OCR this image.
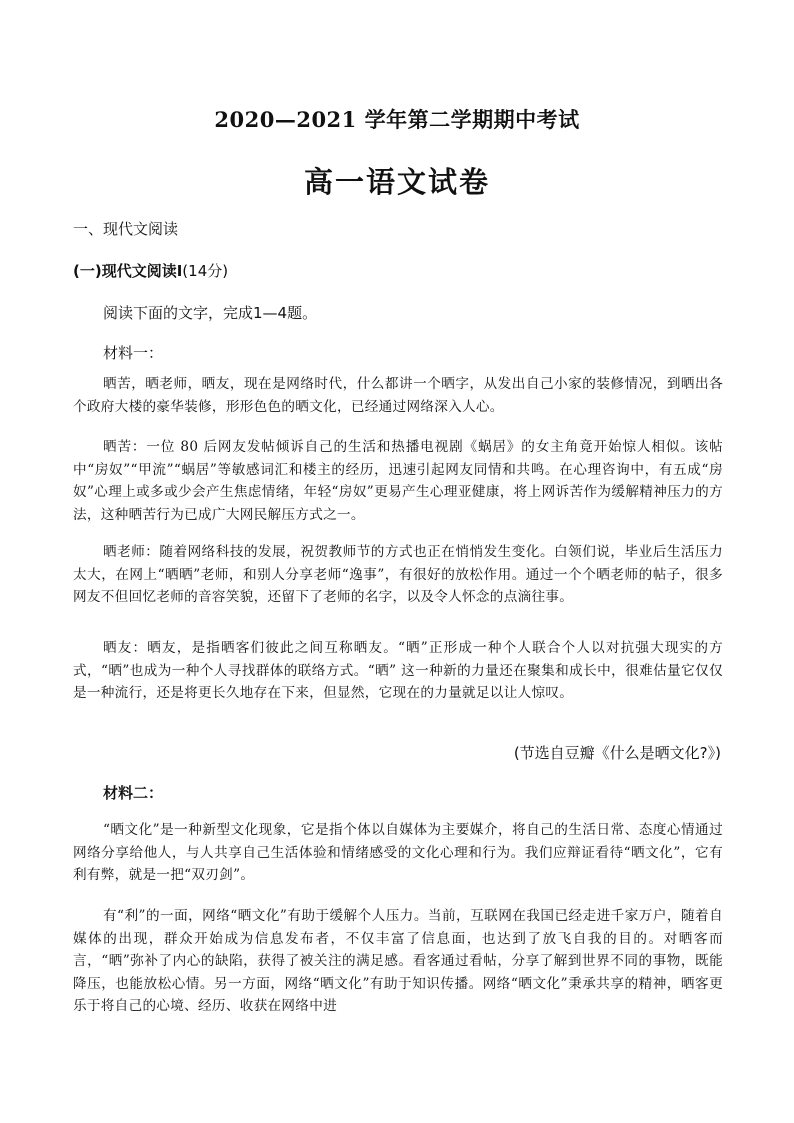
2020—2021 学年第二学期期中考试
高一语文试卷
一、现代文阅读
(一)现代文阅读Ⅰ(14分)
阅读下面的文字，完成1—4题。
材料一：
晒苦，晒老师，晒友，现在是网络时代，什么都讲一个晒字，从发出自己小家的装修情况，到晒出各个政府大楼的豪华装修，形形色色的晒文化，已经通过网络深入人心。
晒苦：一位 80 后网友发帖倾诉自己的生活和热播电视剧《蜗居》的女主角竟开始惊人相似。该帖中“房奴”“甲流”“蜗居”等敏感词汇和楼主的经历，迅速引起网友同情和共鸣。在心理咨询中，有五成“房奴”心理上或多或少会产生焦虑情绪，年轻“房奴”更易产生心理亚健康，将上网诉苦作为缓解精神压力的方法，这种晒苦行为已成广大网民解压方式之一。
晒老师：随着网络科技的发展，祝贺教师节的方式也正在悄悄发生变化。白领们说，毕业后生活压力太大，在网上“晒晒”老师，和别人分享老师“逸事”，有很好的放松作用。通过一个个晒老师的帖子，很多网友不但回忆老师的音容笑貌，还留下了老师的名字，以及令人怀念的点滴往事。
晒友：晒友，是指晒客们彼此之间互称晒友。“晒”正形成一种个人联合个人以对抗强大现实的方式，“晒”也成为一种个人寻找群体的联络方式。“晒” 这一种新的力量还在聚集和成长中，很难估量它仅仅是一种流行，还是将更长久地存在下来，但显然，它现在的力量就足以让人惊叹。
(节选自豆瓣《什么是晒文化?》)
材料二：
“晒文化”是一种新型文化现象，它是指个体以自媒体为主要媒介，将自己的生活日常、态度心情通过网络分享给他人，与人共享自己生活体验和情绪感受的文化心理和行为。我们应辩证看待“晒文化”，它有利有弊，就是一把“双刃剑”。
有“利”的一面，网络“晒文化”有助于缓解个人压力。当前，互联网在我国已经走进千家万户，随着自媒体的出现，群众开始成为信息发布者，不仅丰富了信息面，也达到了放飞自我的目的。对晒客而言，“晒”弥补了内心的缺陷，获得了被关注的满足感。看客通过看帖，分享了解到世界不同的事物，既能降压，也能放松心情。另一方面，网络“晒文化”有助于知识传播。网络“晒文化”秉承共享的精神，晒客更乐于将自己的心境、经历、收获在网络中进
